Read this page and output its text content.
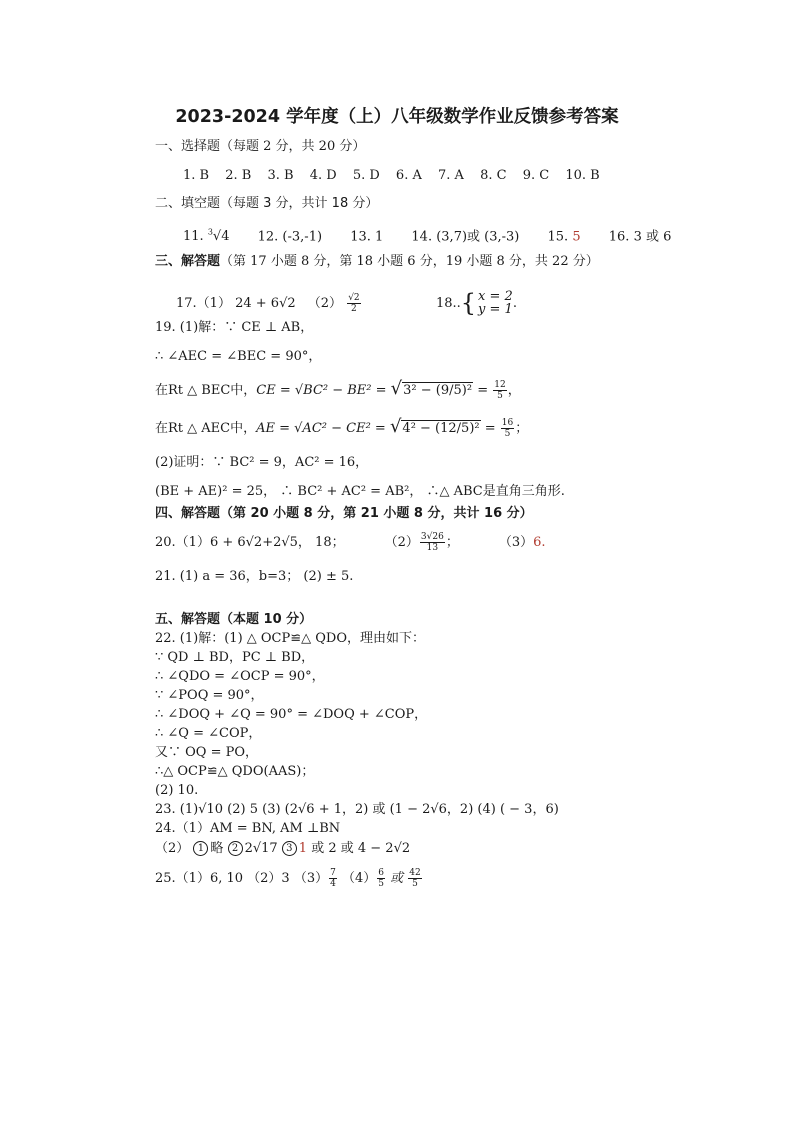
2023-2024 学年度（上）八年级数学作业反馈参考答案
一、选择题（每题 2 分，共 20 分）
1. B 2. B 3. B 4. D 5. D 6. A 7. A 8. C 9. C 10. B
二、填空题（每题 3 分，共计 18 分）
11. $^3$√4 12. (-3,-1) 13. 1 14. (3,7)或 (3,-3) 15. 5 16. 3 或 6
三、解答题（第 17 小题 8 分，第 18 小题 6 分，19 小题 8 分，共 22 分）
17.（1） 24 + 6√2 $(2) \frac{√2}{2}$	18..{ x = 2
y = 1.
19. (1)解：∵ CE ⊥ AB，
∴ ∠AEC = ∠BEC = 90°，
在Rt △ BEC中，CE = $√BC^2 - BE^2 = √3^2 - (9/5)^2 = \frac{12}{5}$ ，
在Rt △ AEC中，AE = $√AC^2 - CE^2 = √4^2 - (12/5)^2 = \frac{16}{5}$ ；
(2)证明：∵ BC² = 9，AC² = 16，
(BE + AE)² = 25， ∴ BC² + AC² = AB²， ∴△ ABC是直角三角形.
四、解答题（第 20 小题 8 分，第 21 小题 8 分，共计 16 分）
20.（1）6 + 6√2+2√5， 18；	$(2) \frac{3√26}{13}$ ；	（3）6.
21. (1) a = 36，b=3； (2) ± 5.
五、解答题（本题 10 分）
22. (1)解：(1) △ OCP≌△ QDO，理由如下：
∵ QD ⊥ BD，PC ⊥ BD，
∴ ∠QDO = ∠OCP = 90°，
∵ ∠POQ = 90°，
∴ ∠DOQ + ∠Q = 90° = ∠DOQ + ∠COP，
∴ ∠Q = ∠COP，
又∵ OQ = PO，
∴△ OCP≌△ QDO(AAS)；
(2) 10.
23. (1)√10 (2) 5 (3) (2√6 + 1，2) 或 (1 − 2√6，2) (4) ( − 3，6)
24.（1）AM = BN, AM ⊥BN
（2） 1 略 2 2√17 3 1 或 2 或 4 − 2√2
25.（1）6, 10 （2）3 $(3) \frac{7}{4} (4) \frac{6}{5}$ 或 $\frac{42}{5}$
